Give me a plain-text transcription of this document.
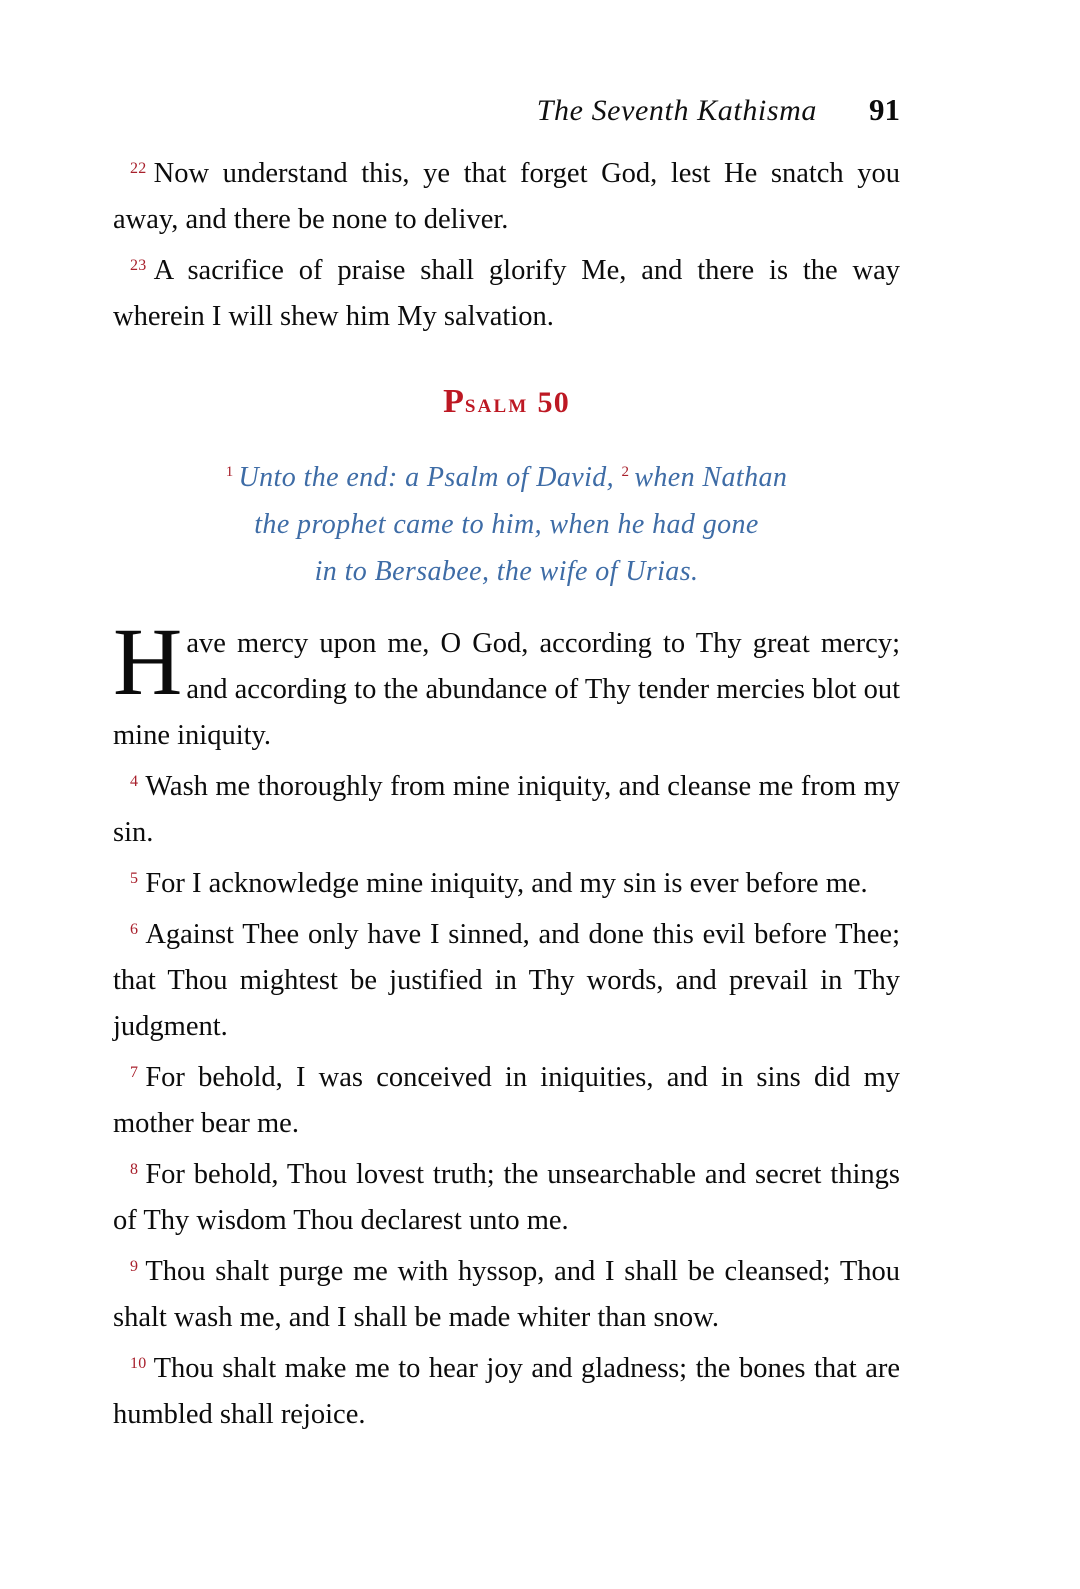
The Seventh Kathisma 91

$^{22}$ Now understand this, ye that forget God, lest He snatch you away, and there be none to deliver.

$^{23}$ A sacrifice of praise shall glorify Me, and there is the way wherein I will shew him My salvation.

Psalm 50
$^1$ Unto the end: a Psalm of David, $^2$ when Nathan
the prophet came to him, when he had gone
in to Bersabee, the wife of Urias.

Have mercy upon me, O God, according to Thy great mercy; and according to the abundance of Thy tender mercies blot out mine iniquity.

$^4$ Wash me thoroughly from mine iniquity, and cleanse me from my sin.

$^5$ For I acknowledge mine iniquity, and my sin is ever before me.

$^6$ Against Thee only have I sinned, and done this evil before Thee; that Thou mightest be justified in Thy words, and prevail in Thy judgment.

$^7$ For behold, I was conceived in iniquities, and in sins did my mother bear me.

$^8$ For behold, Thou lovest truth; the unsearchable and secret things of Thy wisdom Thou declarest unto me.

$^9$ Thou shalt purge me with hyssop, and I shall be cleansed; Thou shalt wash me, and I shall be made whiter than snow.

$^{10}$ Thou shalt make me to hear joy and gladness; the bones that are humbled shall rejoice.
